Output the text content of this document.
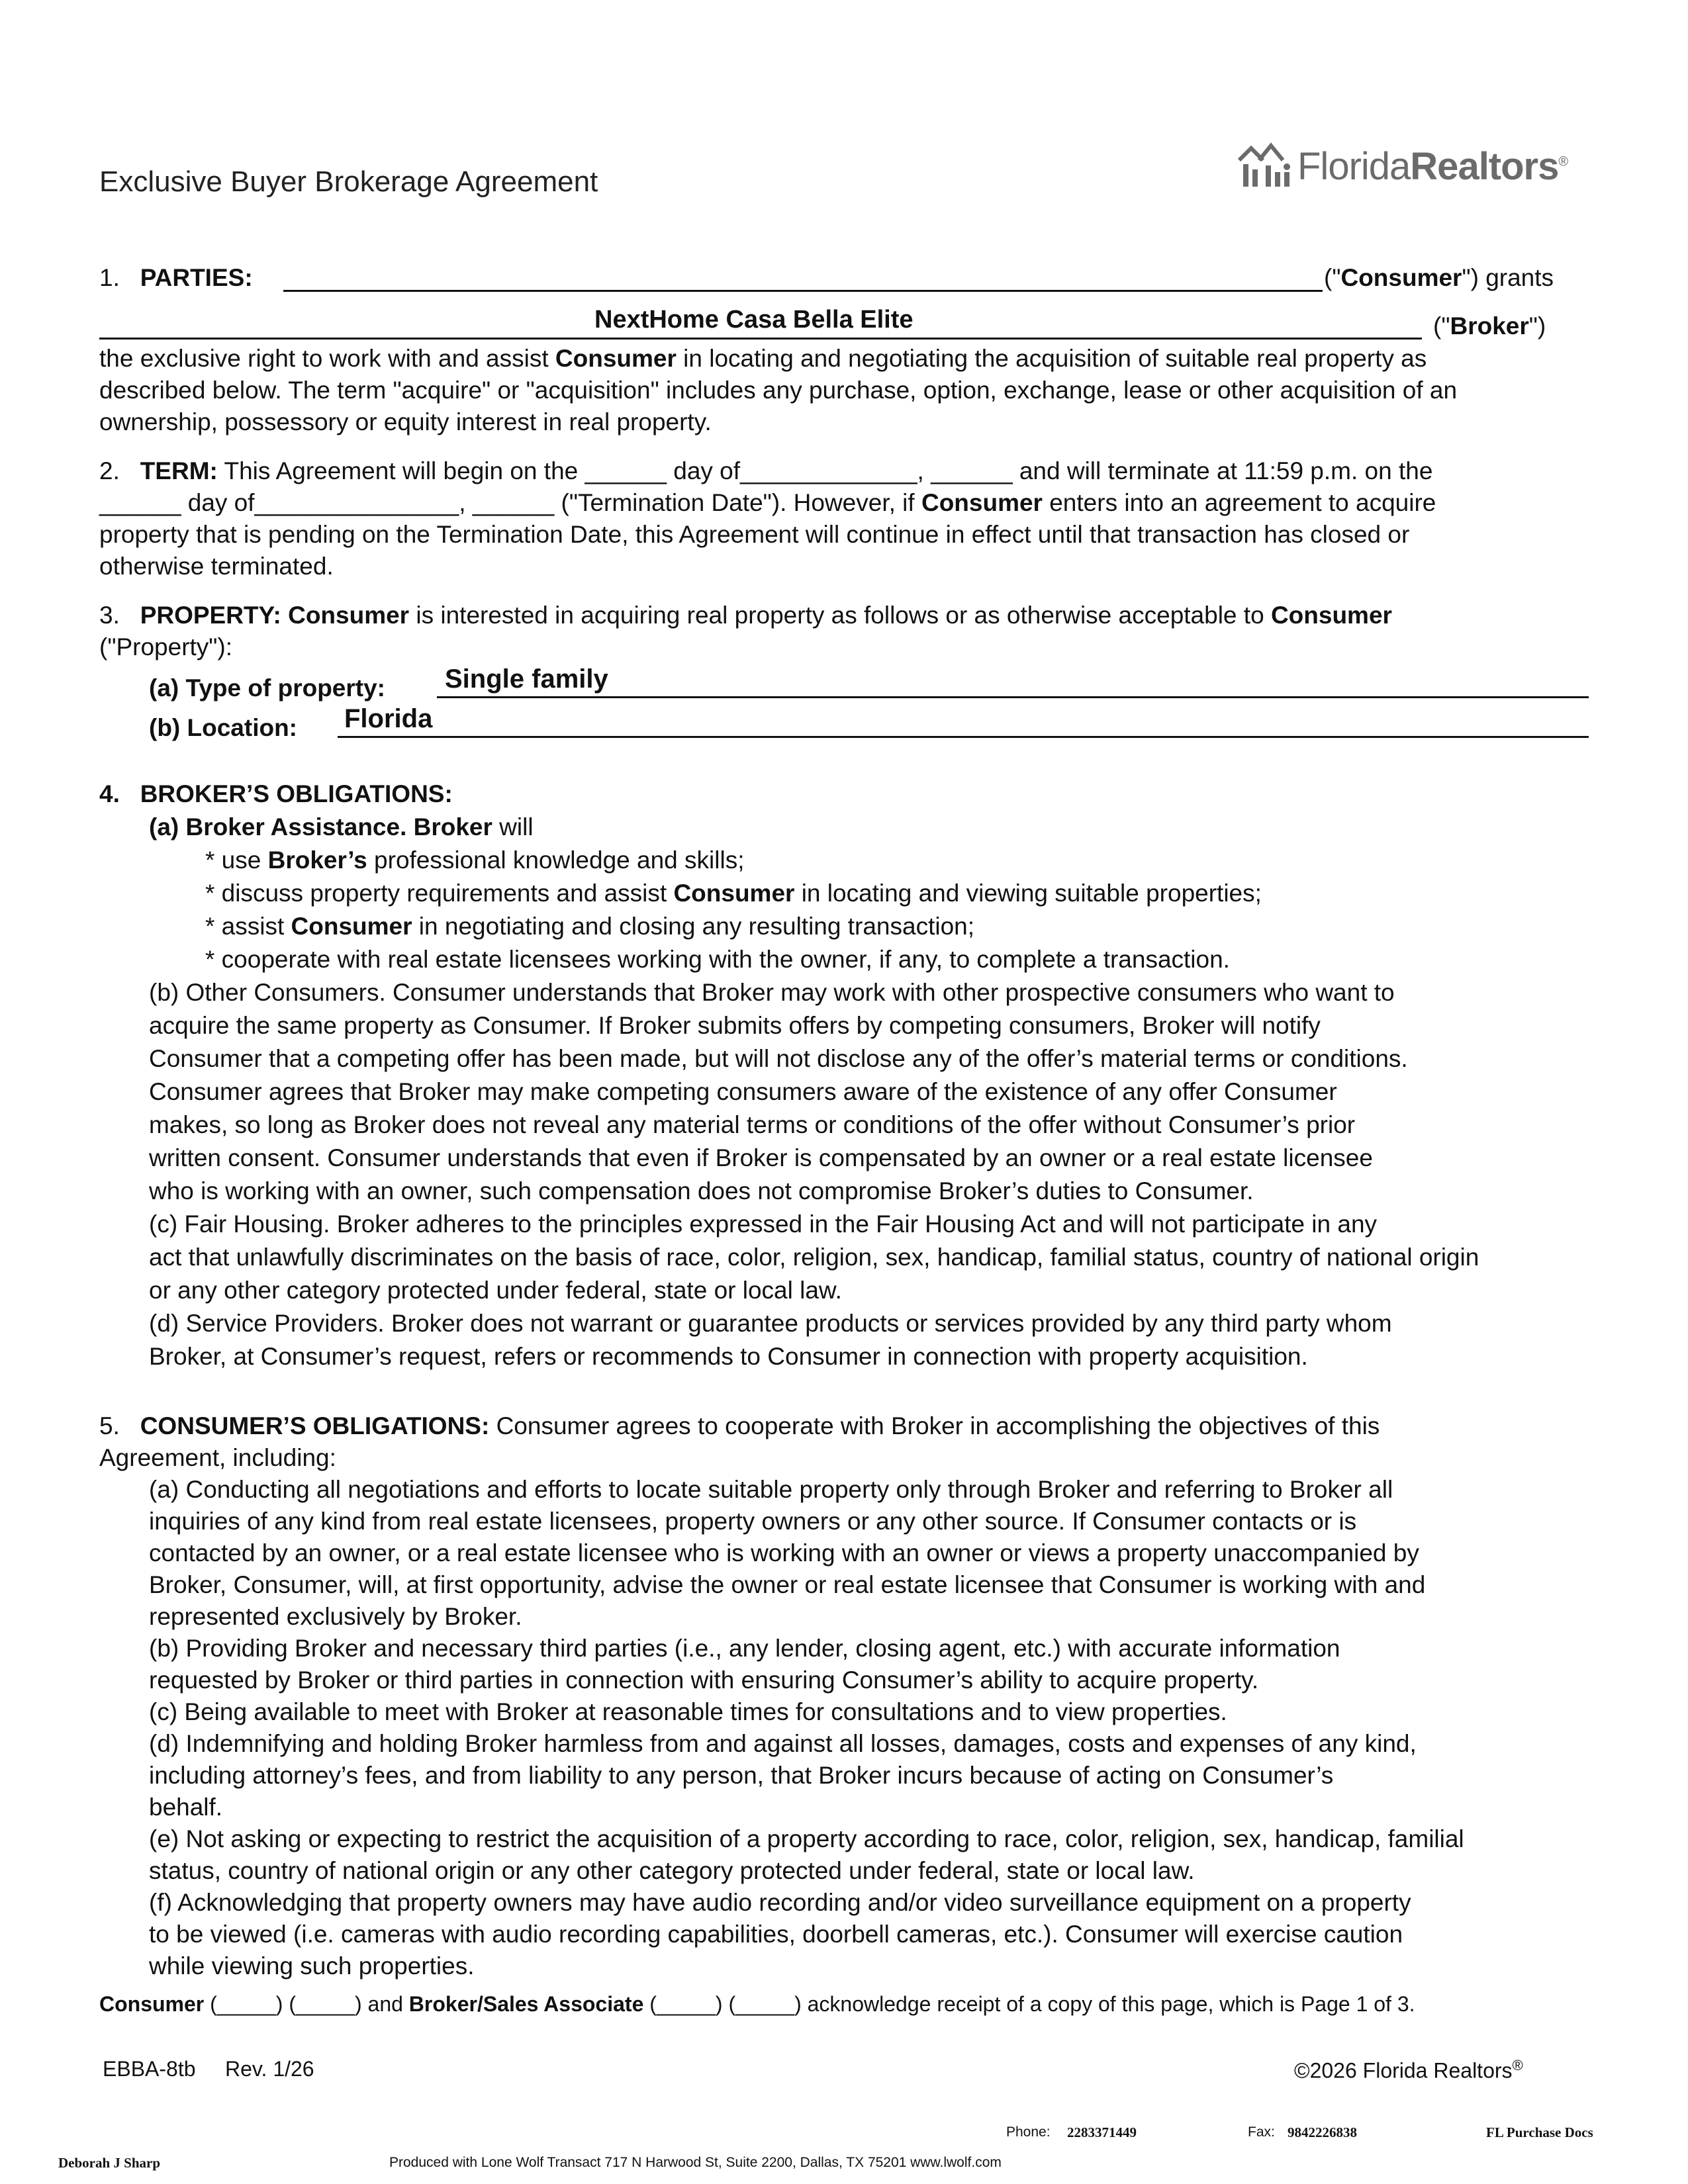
Exclusive Buyer Brokerage Agreement	FloridaRealtors®
1. PARTIES:	("Consumer") grants
NextHome Casa Bella Elite	("Broker")
the exclusive right to work with and assist Consumer in locating and negotiating the acquisition of suitable real property as
described below. The term "acquire" or "acquisition" includes any purchase, option, exchange, lease or other acquisition of an
ownership, possessory or equity interest in real property.
2. TERM: This Agreement will begin on the ______ day of_____________, ______ and will terminate at 11:59 p.m. on the
______ day of_______________, ______ ("Termination Date"). However, if Consumer enters into an agreement to acquire
property that is pending on the Termination Date, this Agreement will continue in effect until that transaction has closed or
otherwise terminated.
3. PROPERTY: Consumer is interested in acquiring real property as follows or as otherwise acceptable to Consumer
("Property"):
(a) Type of property: Single family
(b) Location: Florida
4. BROKER’S OBLIGATIONS:
(a) Broker Assistance. Broker will
* use Broker’s professional knowledge and skills;
* discuss property requirements and assist Consumer in locating and viewing suitable properties;
* assist Consumer in negotiating and closing any resulting transaction;
* cooperate with real estate licensees working with the owner, if any, to complete a transaction.
(b) Other Consumers. Consumer understands that Broker may work with other prospective consumers who want to
acquire the same property as Consumer. If Broker submits offers by competing consumers, Broker will notify
Consumer that a competing offer has been made, but will not disclose any of the offer’s material terms or conditions.
Consumer agrees that Broker may make competing consumers aware of the existence of any offer Consumer
makes, so long as Broker does not reveal any material terms or conditions of the offer without Consumer’s prior
written consent. Consumer understands that even if Broker is compensated by an owner or a real estate licensee
who is working with an owner, such compensation does not compromise Broker’s duties to Consumer.
(c) Fair Housing. Broker adheres to the principles expressed in the Fair Housing Act and will not participate in any
act that unlawfully discriminates on the basis of race, color, religion, sex, handicap, familial status, country of national origin
or any other category protected under federal, state or local law.
(d) Service Providers. Broker does not warrant or guarantee products or services provided by any third party whom
Broker, at Consumer’s request, refers or recommends to Consumer in connection with property acquisition.
5. CONSUMER’S OBLIGATIONS: Consumer agrees to cooperate with Broker in accomplishing the objectives of this
Agreement, including:
(a) Conducting all negotiations and efforts to locate suitable property only through Broker and referring to Broker all
inquiries of any kind from real estate licensees, property owners or any other source. If Consumer contacts or is
contacted by an owner, or a real estate licensee who is working with an owner or views a property unaccompanied by
Broker, Consumer, will, at first opportunity, advise the owner or real estate licensee that Consumer is working with and
represented exclusively by Broker.
(b) Providing Broker and necessary third parties (i.e., any lender, closing agent, etc.) with accurate information
requested by Broker or third parties in connection with ensuring Consumer’s ability to acquire property.
(c) Being available to meet with Broker at reasonable times for consultations and to view properties.
(d) Indemnifying and holding Broker harmless from and against all losses, damages, costs and expenses of any kind,
including attorney’s fees, and from liability to any person, that Broker incurs because of acting on Consumer’s
behalf.
(e) Not asking or expecting to restrict the acquisition of a property according to race, color, religion, sex, handicap, familial
status, country of national origin or any other category protected under federal, state or local law.
(f) Acknowledging that property owners may have audio recording and/or video surveillance equipment on a property
to be viewed (i.e. cameras with audio recording capabilities, doorbell cameras, etc.). Consumer will exercise caution
while viewing such properties.
Consumer (_____) (_____) and Broker/Sales Associate (_____) (_____) acknowledge receipt of a copy of this page, which is Page 1 of 3.
EBBA-8tb Rev. 1/26	©2026 Florida Realtors®
Phone: 2283371449	Fax: 9842226838	FL Purchase Docs
Deborah J Sharp	Produced with Lone Wolf Transact 717 N Harwood St, Suite 2200, Dallas, TX 75201 www.lwolf.com
